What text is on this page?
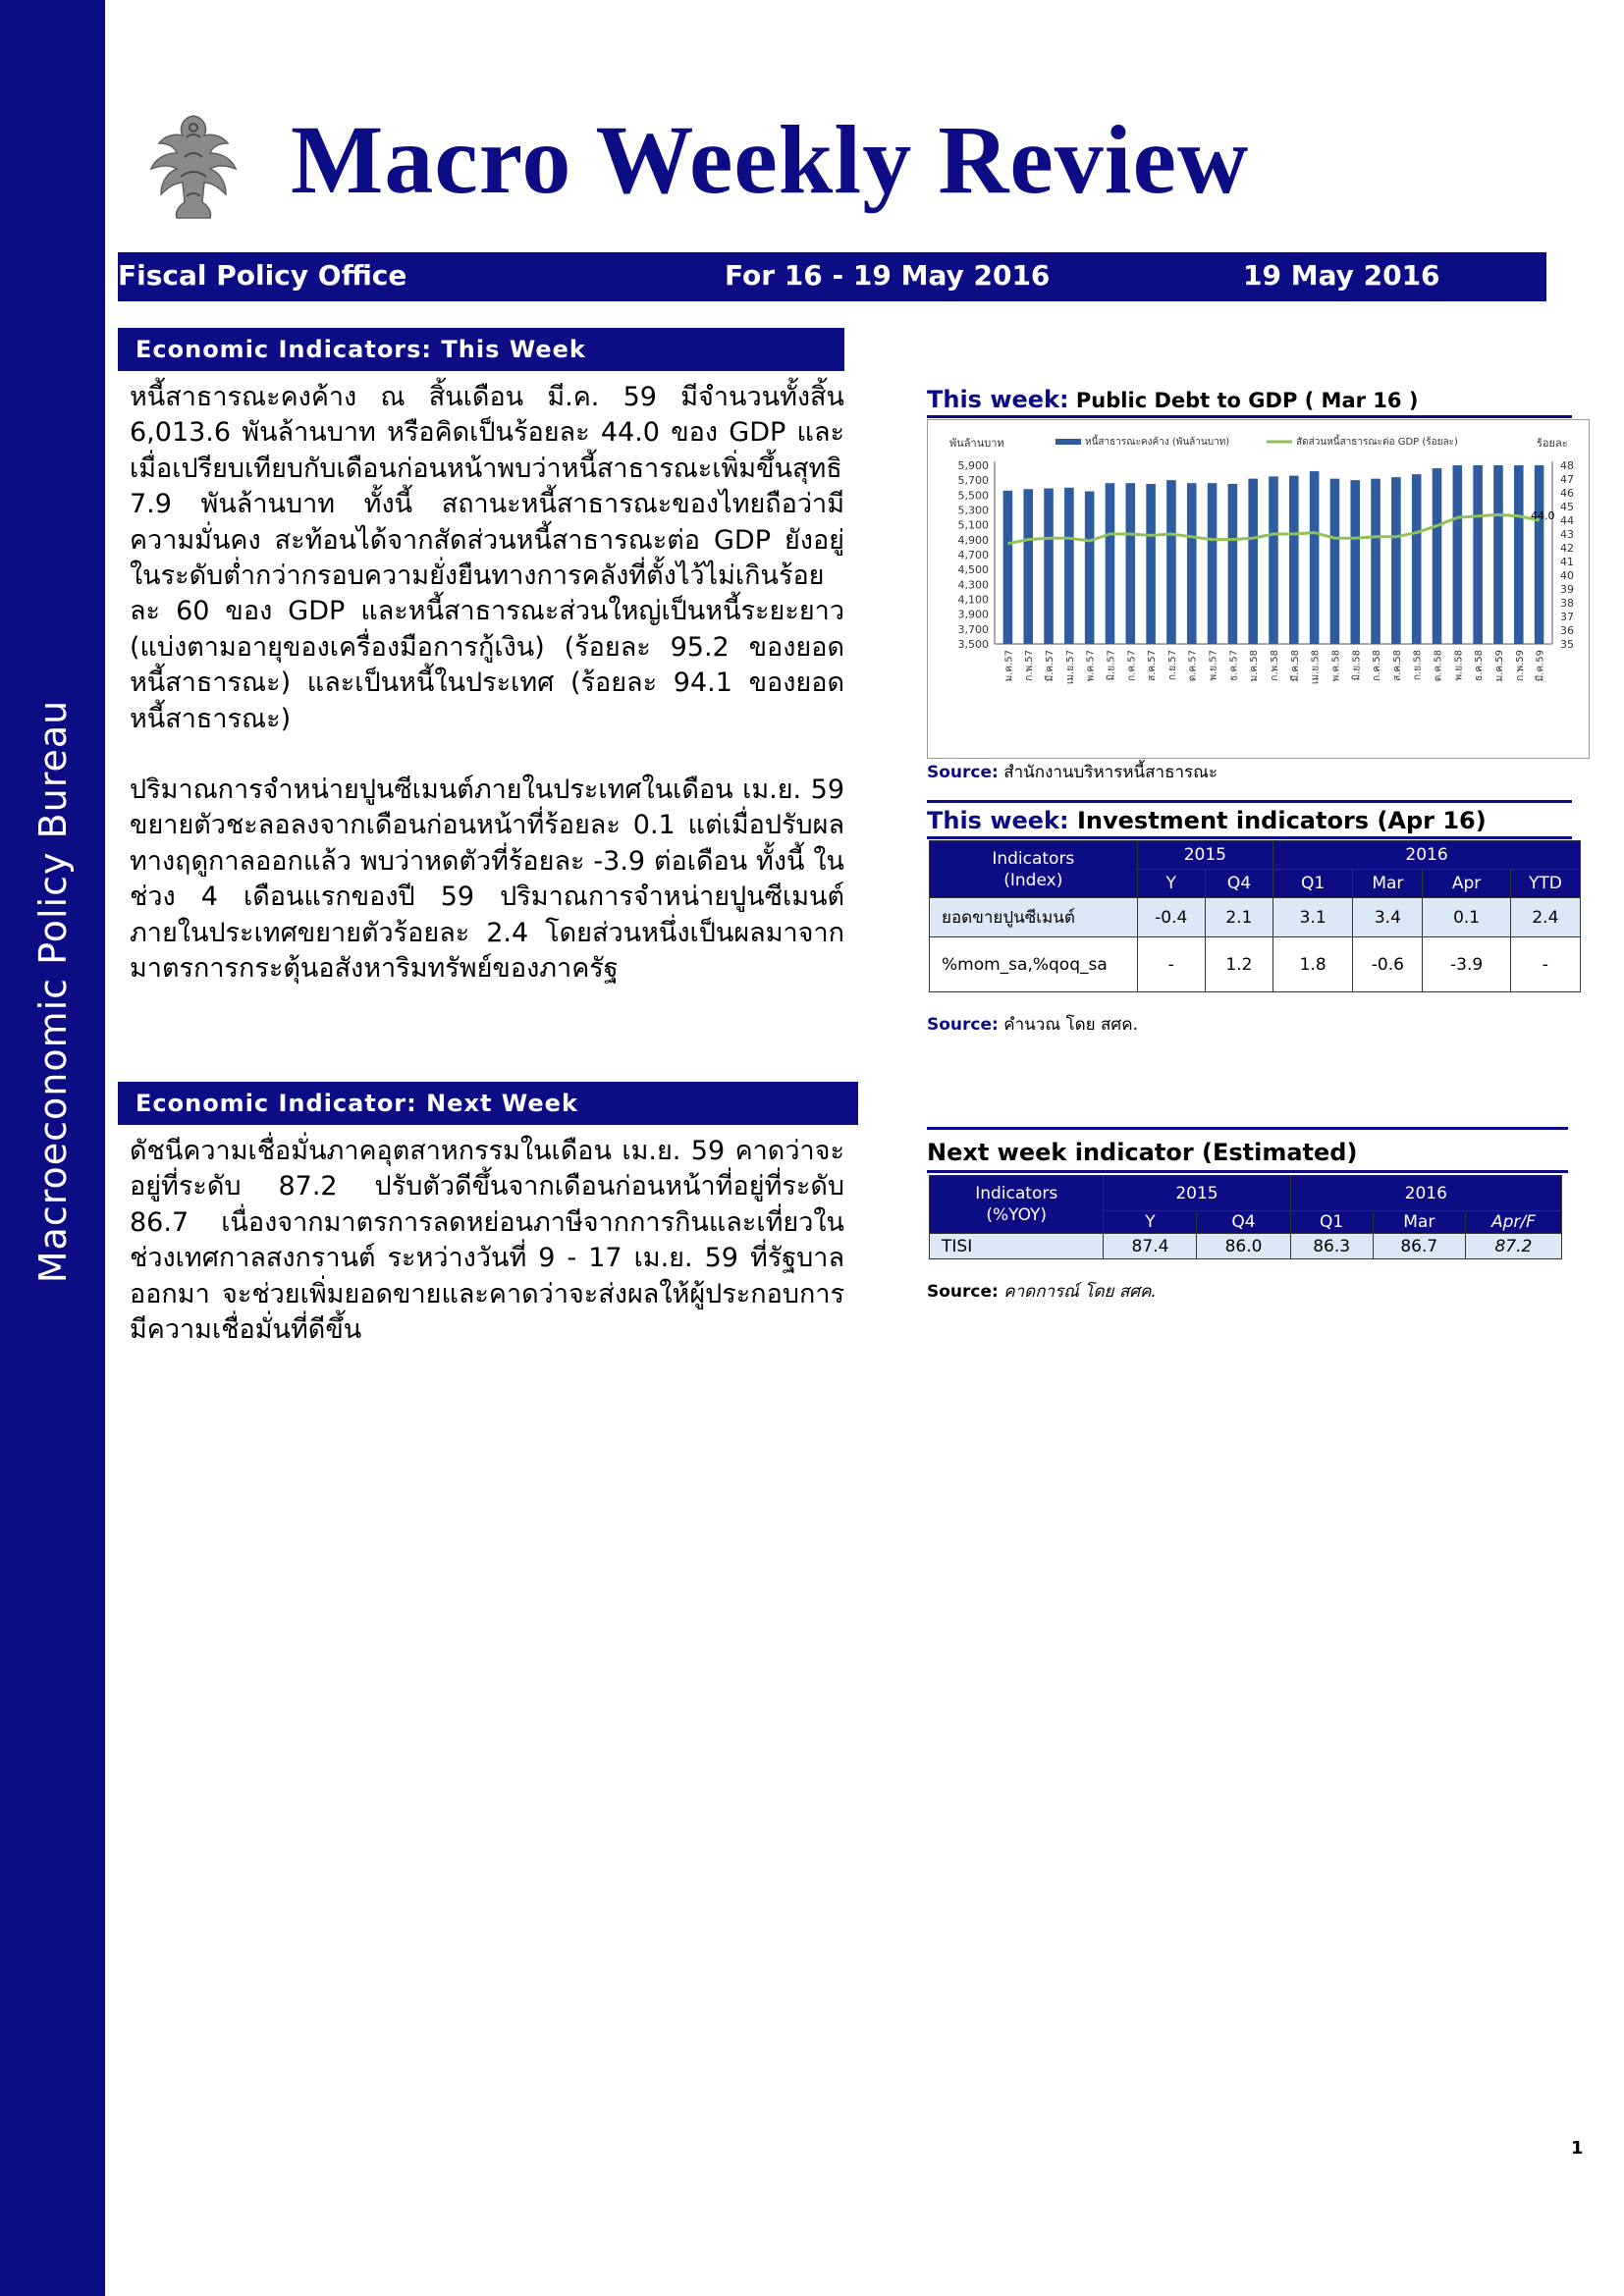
Macroeconomic Policy Bureau
Macro Weekly Review
Fiscal Policy Office	For 16 - 19 May 2016	19 May 2016
Economic Indicators: This Week

หนี้สาธารณะคงค้าง ณ สิ้นเดือน มี.ค. 59 มีจำนวนทั้งสิ้น 6,013.6 พันล้านบาท หรือคิดเป็นร้อยละ 44.0 ของ GDP และเมื่อเปรียบเทียบกับเดือนก่อนหน้าพบว่าหนี้สาธารณะเพิ่มขึ้นสุทธิ 7.9 พันล้านบาท ทั้งนี้ สถานะหนี้สาธารณะของไทยถือว่ามีความมั่นคง สะท้อนได้จากสัดส่วนหนี้สาธารณะต่อ GDP ยังอยู่ในระดับต่ำกว่ากรอบความยั่งยืนทางการคลังที่ตั้งไว้ไม่เกินร้อยละ 60 ของ GDP และหนี้สาธารณะส่วนใหญ่เป็นหนี้ระยะยาว (แบ่งตามอายุของเครื่องมือการกู้เงิน) (ร้อยละ 95.2 ของยอดหนี้สาธารณะ) และเป็นหนี้ในประเทศ (ร้อยละ 94.1 ของยอดหนี้สาธารณะ)

ปริมาณการจำหน่ายปูนซีเมนต์ภายในประเทศในเดือน เม.ย. 59 ขยายตัวชะลอลงจากเดือนก่อนหน้าที่ร้อยละ 0.1 แต่เมื่อปรับผลทางฤดูกาลออกแล้ว พบว่าหดตัวที่ร้อยละ -3.9 ต่อเดือน ทั้งนี้ ในช่วง 4 เดือนแรกของปี 59 ปริมาณการจำหน่ายปูนซีเมนต์ภายในประเทศขยายตัวร้อยละ 2.4 โดยส่วนหนึ่งเป็นผลมาจากมาตรการกระตุ้นอสังหาริมทรัพย์ของภาครัฐ

Economic Indicator: Next Week

ดัชนีความเชื่อมั่นภาคอุตสาหกรรมในเดือน เม.ย. 59 คาดว่าจะอยู่ที่ระดับ 87.2 ปรับตัวดีขึ้นจากเดือนก่อนหน้าที่อยู่ที่ระดับ 86.7 เนื่องจากมาตรการลดหย่อนภาษีจากการกินและเที่ยวในช่วงเทศกาลสงกรานต์ ระหว่างวันที่ 9 - 17 เม.ย. 59 ที่รัฐบาลออกมา จะช่วยเพิ่มยอดขายและคาดว่าจะส่งผลให้ผู้ประกอบการมีความเชื่อมั่นที่ดีขึ้น

This week: Public Debt to GDP ( Mar 16 )
พันล้านบาท	ร้อยละ
หนี้สาธารณะคงค้าง (พันล้านบาท)	สัดส่วนหนี้สาธารณะต่อ GDP (ร้อยละ)
5,900
5,700
5,500
5,300
5,100
4,900
4,700
4,500
4,300
4,100
3,900
3,700
3,500
48
47
46
45
44
43
42
41
40
39
38
37
36
35
ม.ค.57 ก.พ.57 มี.ค.57 เม.ย.57 พ.ค.57 มิ.ย.57 ก.ค.57 ส.ค.57 ก.ย.57 ต.ค.57 พ.ย.57 ธ.ค.57 ม.ค.58 ก.พ.58 มี.ค.58 เม.ย.58 พ.ค.58 มิ.ย.58 ก.ค.58 ส.ค.58 ก.ย.58 ต.ค.58 พ.ย.58 ธ.ค.58 ม.ค.59 ก.พ.59 มี.ค.59
44.0
Source: สำนักงานบริหารหนี้สาธารณะ
This week: Investment indicators (Apr 16)
Indicators
(Index)	2015		2016			
	Y	Q4	Q1	Mar	Apr	YTD
ยอดขายปูนซีเมนต์	-0.4	2.1	3.1	3.4	0.1	2.4
%mom_sa,%qoq_sa	-	1.2	1.8	-0.6	-3.9	-
Source: คำนวณ โดย สศค.
Next week indicator (Estimated)
Indicators
(%YOY)	2015		2016		
	Y	Q4	Q1	Mar	Apr/F
TISI	87.4	86.0	86.3	86.7	87.2
Source: คาดการณ์ โดย สศค.
1
